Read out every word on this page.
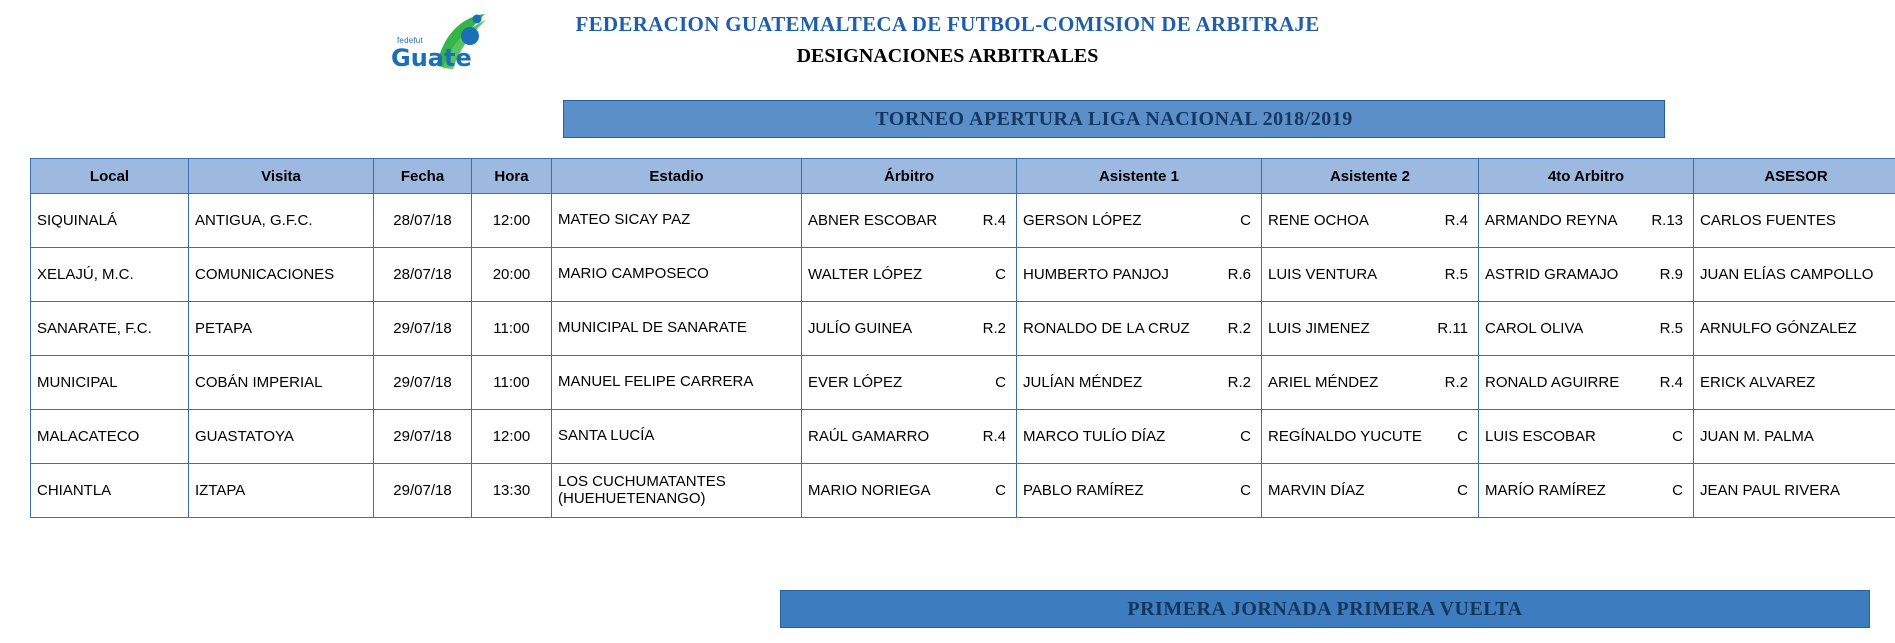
fedefut
Guate
FEDERACION GUATEMALTECA DE FUTBOL-COMISION DE ARBITRAJE
DESIGNACIONES ARBITRALES
TORNEO APERTURA LIGA NACIONAL 2018/2019
Local	Visita	Fecha	Hora	Estadio	Árbitro	Asistente 1	Asistente 2	4to Arbitro	ASESOR
SIQUINALÁ	ANTIGUA, G.F.C.	28/07/18	12:00	MATEO SICAY PAZ	ABNER ESCOBAR R.4	GERSON LÓPEZ C	RENE OCHOA R.4	ARMANDO REYNA R.13	CARLOS FUENTES
XELAJÚ, M.C.	COMUNICACIONES	28/07/18	20:00	MARIO CAMPOSECO	WALTER LÓPEZ C	HUMBERTO PANJOJ R.6	LUIS VENTURA R.5	ASTRID GRAMAJO R.9	JUAN ELÍAS CAMPOLLO
SANARATE, F.C.	PETAPA	29/07/18	11:00	MUNICIPAL DE SANARATE	JULÍO GUINEA R.2	RONALDO DE LA CRUZ R.2	LUIS JIMENEZ R.11	CAROL OLIVA R.5	ARNULFO GÓNZALEZ
MUNICIPAL	COBÁN IMPERIAL	29/07/18	11:00	MANUEL FELIPE CARRERA	EVER LÓPEZ C	JULÍAN MÉNDEZ R.2	ARIEL MÉNDEZ R.2	RONALD AGUIRRE R.4	ERICK ALVAREZ
MALACATECO	GUASTATOYA	29/07/18	12:00	SANTA LUCÍA	RAÚL GAMARRO R.4	MARCO TULÍO DÍAZ C	REGÍNALDO YUCUTE C	LUIS ESCOBAR C	JUAN M. PALMA
CHIANTLA	IZTAPA	29/07/18	13:30	LOS CUCHUMATANTES (HUEHUETENANGO)	MARIO NORIEGA C	PABLO RAMÍREZ C	MARVIN DÍAZ C	MARÍO RAMÍREZ C	JEAN PAUL RIVERA
PRIMERA JORNADA PRIMERA VUELTA
